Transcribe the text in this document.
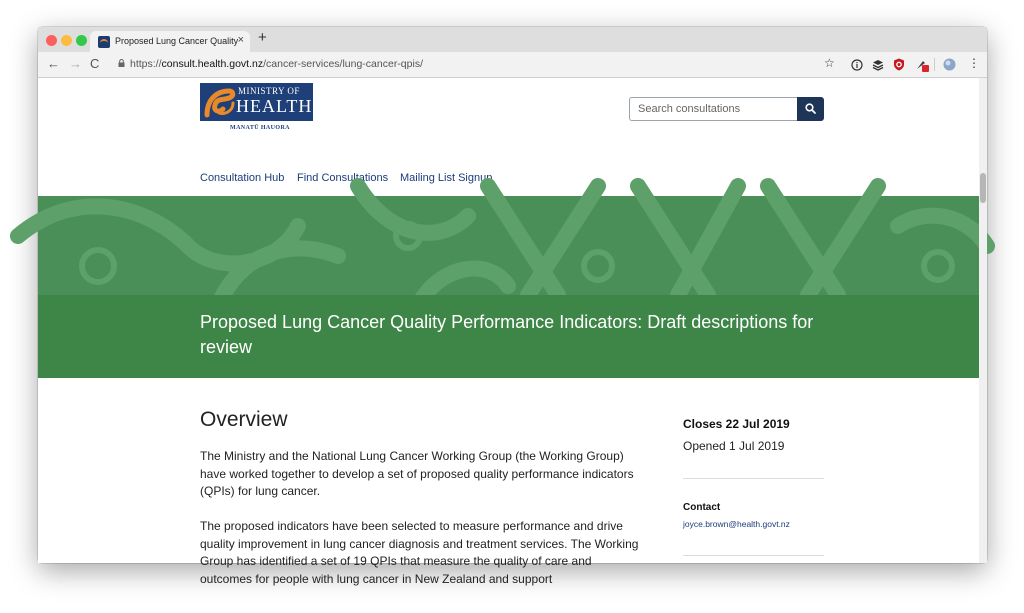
Proposed Lung Cancer Quality × +
← → C	https://consult.health.govt.nz/cancer-services/lung-cancer-qpis/	☆	⋮
MINISTRY OF
HEALTH
MANATŪ HAUORA
Search consultations
Consultation Hub Find Consultations Mailing List Signup
Proposed Lung Cancer Quality Performance Indicators: Draft descriptions for review
Overview
The Ministry and the National Lung Cancer Working Group (the Working Group) have worked together to develop a set of proposed quality performance indicators (QPIs) for lung cancer.
The proposed indicators have been selected to measure performance and drive quality improvement in lung cancer diagnosis and treatment services. The Working Group has identified a set of 19 QPIs that measure the quality of care and outcomes for people with lung cancer in New Zealand and support
Closes 22 Jul 2019
Opened 1 Jul 2019
Contact
joyce.brown@health.govt.nz
